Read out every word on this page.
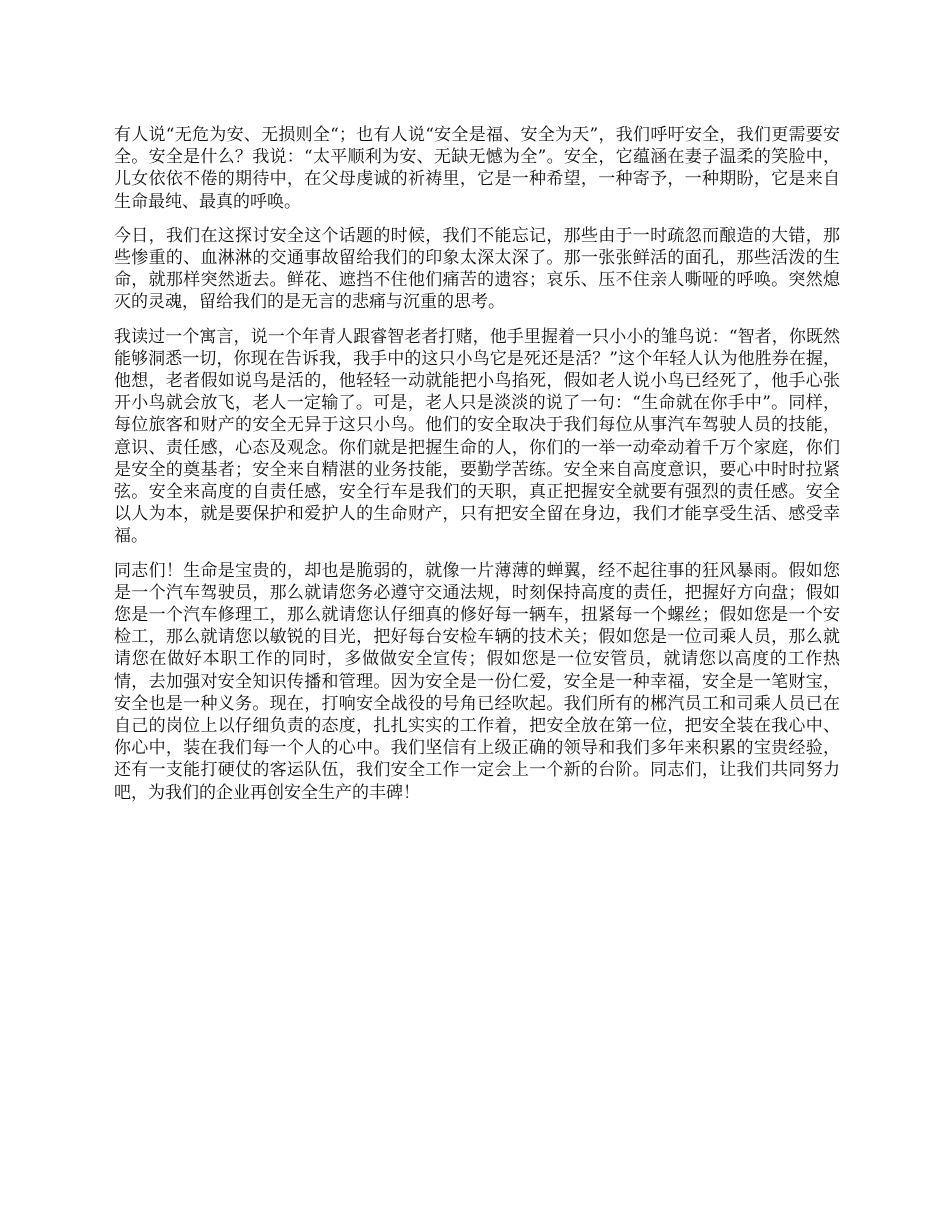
有人说“无危为安、无损则全“；也有人说“安全是福、安全为天”，我们呼吁安全，我们更需要安全。安全是什么？我说：“太平顺利为安、无缺无憾为全”。安全，它蕴涵在妻子温柔的笑脸中，儿女依依不倦的期待中，在父母虔诚的祈祷里，它是一种希望，一种寄予，一种期盼，它是来自生命最纯、最真的呼唤。

今日，我们在这探讨安全这个话题的时候，我们不能忘记，那些由于一时疏忽而酿造的大错，那些惨重的、血淋淋的交通事故留给我们的印象太深太深了。那一张张鲜活的面孔，那些活泼的生命，就那样突然逝去。鲜花、遮挡不住他们痛苦的遗容；哀乐、压不住亲人嘶哑的呼唤。突然熄灭的灵魂，留给我们的是无言的悲痛与沉重的思考。

我读过一个寓言，说一个年青人跟睿智老者打赌，他手里握着一只小小的雏鸟说：“智者，你既然能够洞悉一切，你现在告诉我，我手中的这只小鸟它是死还是活？”这个年轻人认为他胜券在握，他想，老者假如说鸟是活的，他轻轻一动就能把小鸟掐死，假如老人说小鸟已经死了，他手心张开小鸟就会放飞，老人一定输了。可是，老人只是淡淡的说了一句：“生命就在你手中”。同样，每位旅客和财产的安全无异于这只小鸟。他们的安全取决于我们每位从事汽车驾驶人员的技能，意识、责任感，心态及观念。你们就是把握生命的人，你们的一举一动牵动着千万个家庭，你们是安全的奠基者；安全来自精湛的业务技能，要勤学苦练。安全来自高度意识，要心中时时拉紧弦。安全来高度的自责任感，安全行车是我们的天职，真正把握安全就要有强烈的责任感。安全以人为本，就是要保护和爱护人的生命财产，只有把安全留在身边，我们才能享受生活、感受幸福。

同志们！生命是宝贵的，却也是脆弱的，就像一片薄薄的蝉翼，经不起往事的狂风暴雨。假如您是一个汽车驾驶员，那么就请您务必遵守交通法规，时刻保持高度的责任，把握好方向盘；假如您是一个汽车修理工，那么就请您认仔细真的修好每一辆车，扭紧每一个螺丝；假如您是一个安检工，那么就请您以敏锐的目光，把好每台安检车辆的技术关；假如您是一位司乘人员，那么就请您在做好本职工作的同时，多做做安全宣传；假如您是一位安管员，就请您以高度的工作热情，去加强对安全知识传播和管理。因为安全是一份仁爱，安全是一种幸福，安全是一笔财宝，安全也是一种义务。现在，打响安全战役的号角已经吹起。我们所有的郴汽员工和司乘人员已在自己的岗位上以仔细负责的态度，扎扎实实的工作着，把安全放在第一位，把安全装在我心中、你心中，装在我们每一个人的心中。我们坚信有上级正确的领导和我们多年来积累的宝贵经验，还有一支能打硬仗的客运队伍，我们安全工作一定会上一个新的台阶。同志们，让我们共同努力吧，为我们的企业再创安全生产的丰碑！
